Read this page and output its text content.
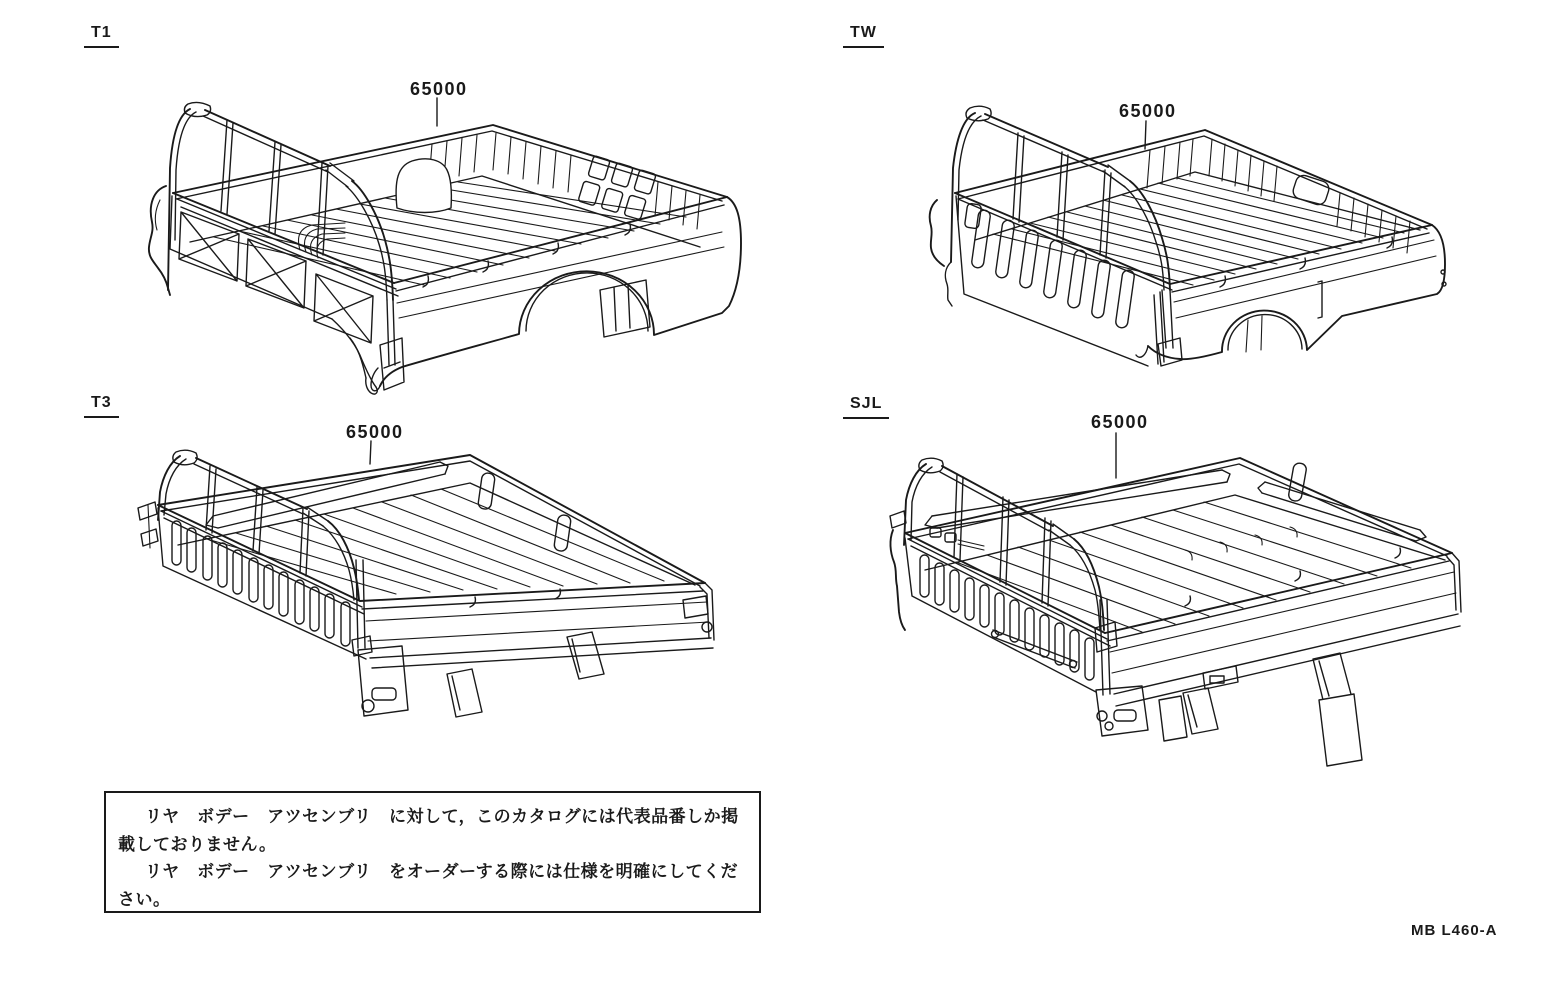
T1
65000
TW
65000
T3
65000
SJL
65000
リヤ　ボデー　アツセンブリ　に対して，このカタログには代表品番しか掲
載しておりません。
リヤ　ボデー　アツセンブリ　をオーダーする際には仕様を明確にしてくだ
さい。
MB L460-A
